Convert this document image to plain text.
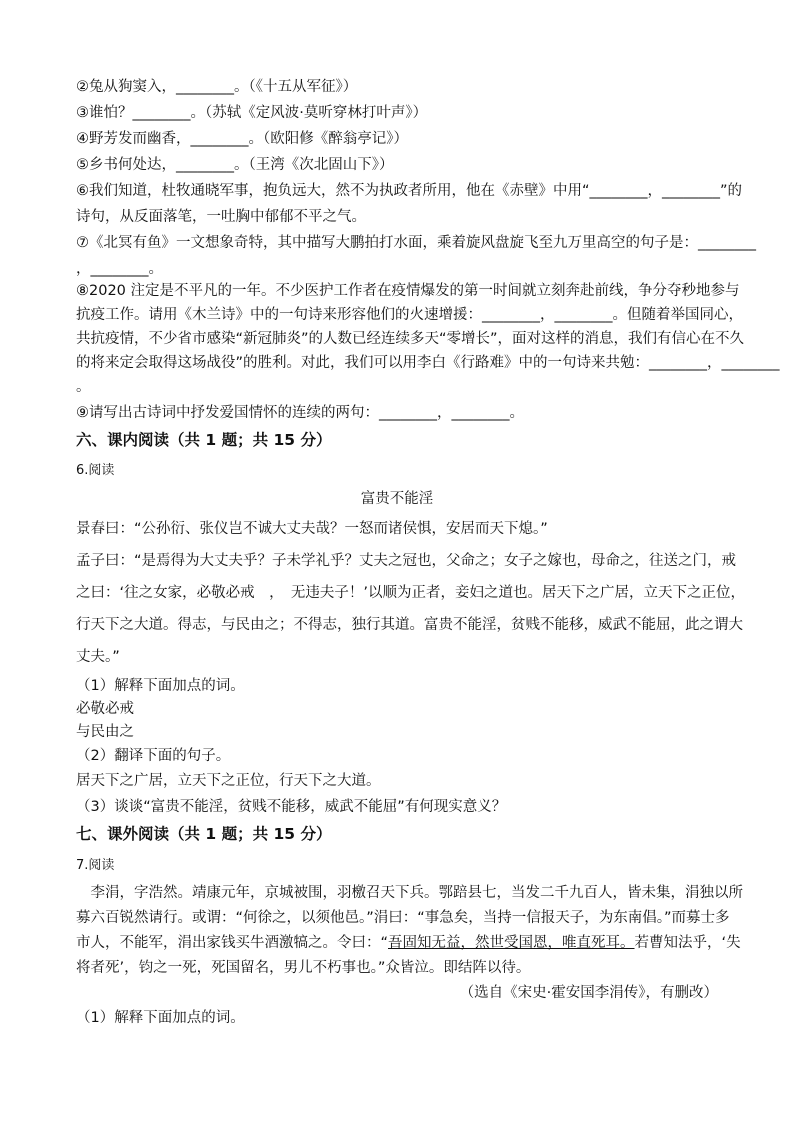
②兔从狗窦入，________。（《十五从军征》）
③谁怕？________。（苏轼《定风波·莫听穿林打叶声》）
④野芳发而幽香，________。（欧阳修《醉翁亭记》）
⑤乡书何处达，________。（王湾《次北固山下》）
⑥我们知道，杜牧通晓军事，抱负远大，然不为执政者所用，他在《赤壁》中用“________，________”的
诗句，从反面落笔，一吐胸中郁郁不平之气。
⑦《北冥有鱼》一文想象奇特，其中描写大鹏拍打水面，乘着旋风盘旋飞至九万里高空的句子是：________
，________。
⑧2020 注定是不平凡的一年。不少医护工作者在疫情爆发的第一时间就立刻奔赴前线，争分夺秒地参与
抗疫工作。请用《木兰诗》中的一句诗来形容他们的火速增援：________，________。但随着举国同心，
共抗疫情，不少省市感染“新冠肺炎”的人数已经连续多天“零增长”，面对这样的消息，我们有信心在不久
的将来定会取得这场战役”的胜利。对此，我们可以用李白《行路难》中的一句诗来共勉：________，________
。
⑨请写出古诗词中抒发爱国情怀的连续的两句：________，________。
六、课内阅读（共 1 题；共 15 分）
6.阅读
富贵不能淫
景春曰：“公孙衍、张仪岂不诚大丈夫哉？一怒而诸侯惧，安居而天下熄。”
孟子曰：“是焉得为大丈夫乎？子未学礼乎？丈夫之冠也，父命之；女子之嫁也，母命之，往送之门，戒
之曰：‘往之女家，必敬必戒　，　无违夫子！’以顺为正者，妾妇之道也。居天下之广居，立天下之正位，
行天下之大道。得志，与民由之；不得志，独行其道。富贵不能淫，贫贱不能移，威武不能屈，此之谓大
丈夫。”
（1）解释下面加点的词。
必敬必戒
与民由之
（2）翻译下面的句子。
居天下之广居，立天下之正位，行天下之大道。
（3）谈谈“富贵不能淫，贫贱不能移，威武不能屈”有何现实意义？
七、课外阅读（共 1 题；共 15 分）
7.阅读
　李涓，字浩然。靖康元年，京城被围，羽檄召天下兵。鄂踣县七，当发二千九百人，皆未集，涓独以所
募六百锐然请行。或谓：“何徐之，以须他邑。”涓曰：“事急矣，当持一信报天子，为东南倡。”而募士多
市人，不能军，涓出家钱买牛酒激犒之。令曰：“吾固知无益，然世受国恩，唯直死耳。若曹知法乎，‘失
将者死’，钧之一死，死国留名，男儿不朽事也。”众皆泣。即结阵以待。
（选自《宋史·霍安国李涓传》，有删改）
（1）解释下面加点的词。
